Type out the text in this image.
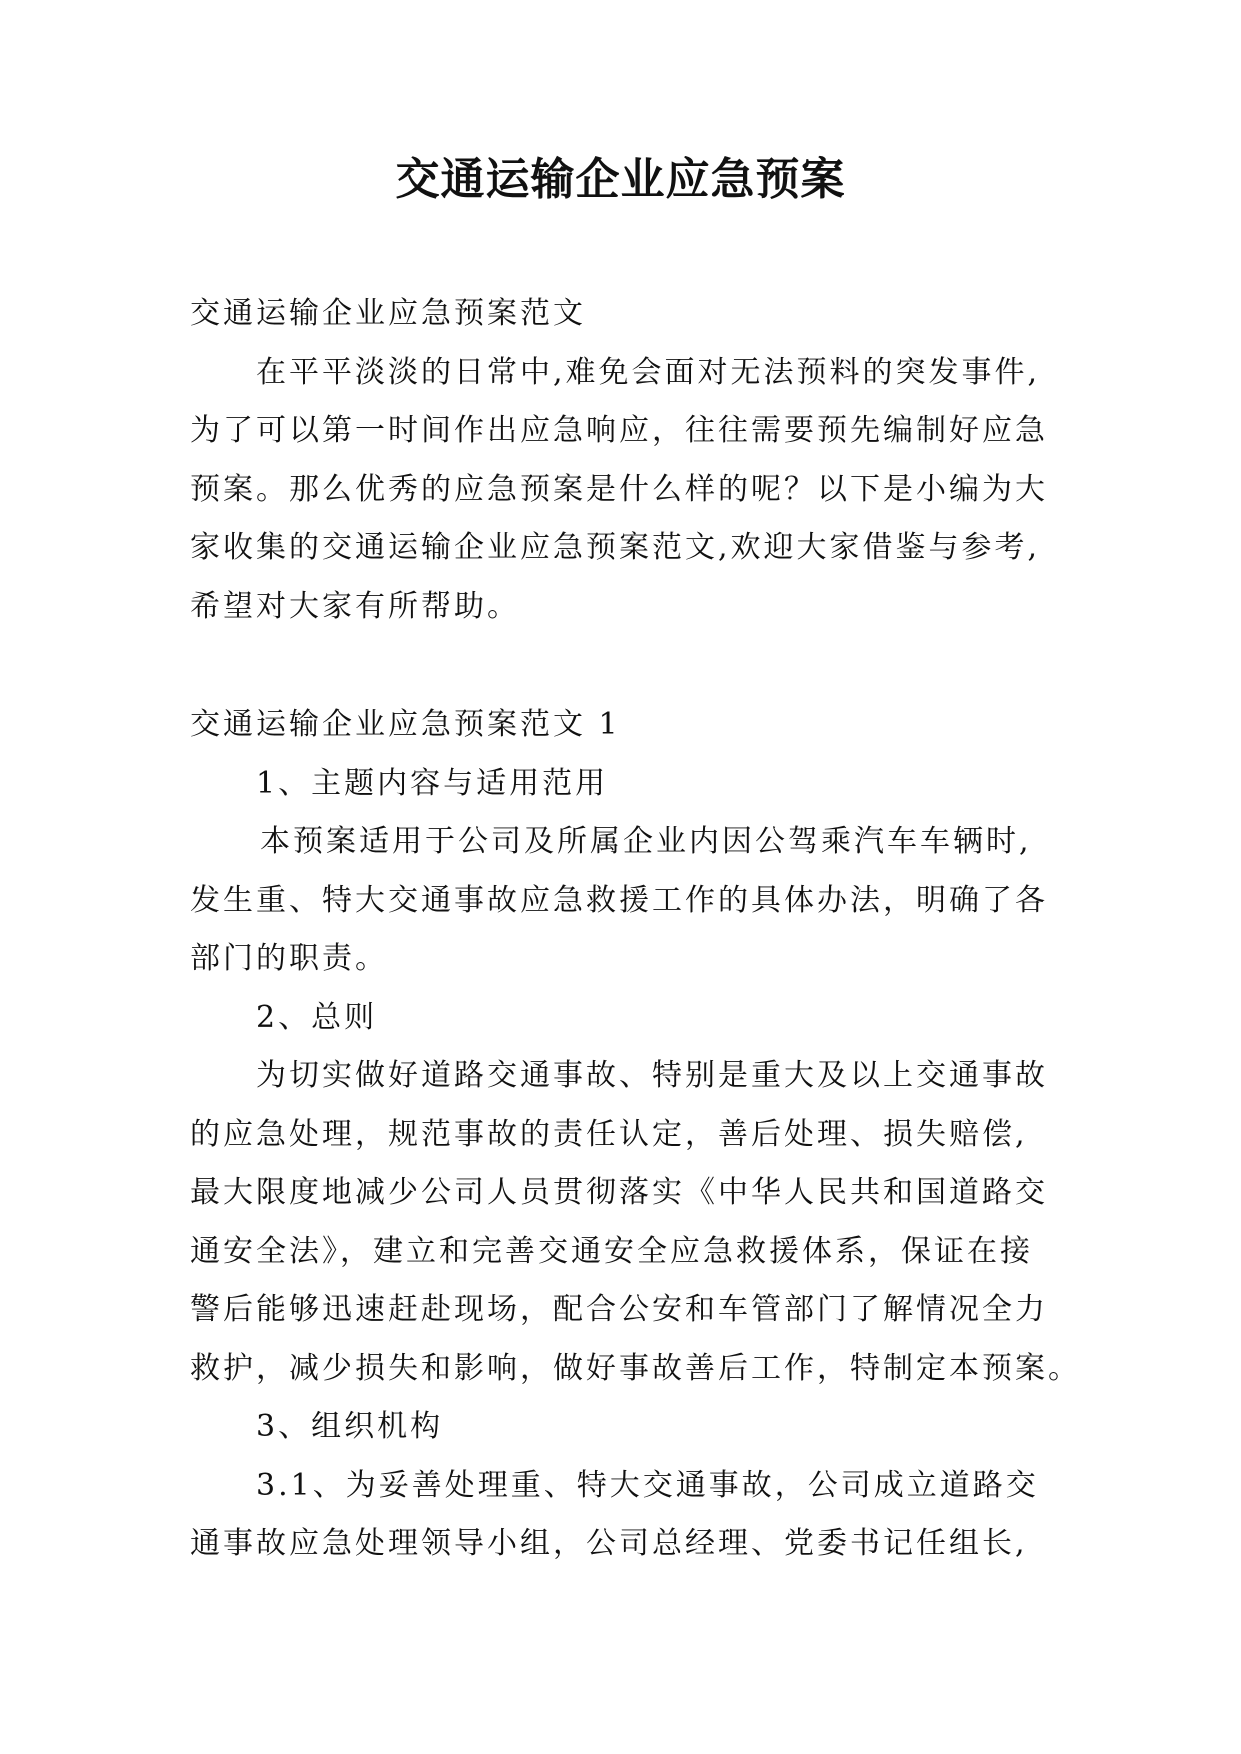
交通运输企业应急预案
交通运输企业应急预案范文
在平平淡淡的日常中,难免会面对无法预料的突发事件,
为了可以第一时间作出应急响应，往往需要预先编制好应急
预案。那么优秀的应急预案是什么样的呢？以下是小编为大
家收集的交通运输企业应急预案范文,欢迎大家借鉴与参考,
希望对大家有所帮助。
交通运输企业应急预案范文 1
1、主题内容与适用范用
本预案适用于公司及所属企业内因公驾乘汽车车辆时,
发生重、特大交通事故应急救援工作的具体办法，明确了各
部门的职责。
2、总则
为切实做好道路交通事故、特别是重大及以上交通事故
的应急处理，规范事故的责任认定，善后处理、损失赔偿,
最大限度地减少公司人员贯彻落实《中华人民共和国道路交
通安全法》，建立和完善交通安全应急救援体系，保证在接
警后能够迅速赶赴现场，配合公安和车管部门了解情况全力
救护，减少损失和影响，做好事故善后工作，特制定本预案。
3、组织机构
3.1、为妥善处理重、特大交通事故，公司成立道路交
通事故应急处理领导小组，公司总经理、党委书记任组长,
